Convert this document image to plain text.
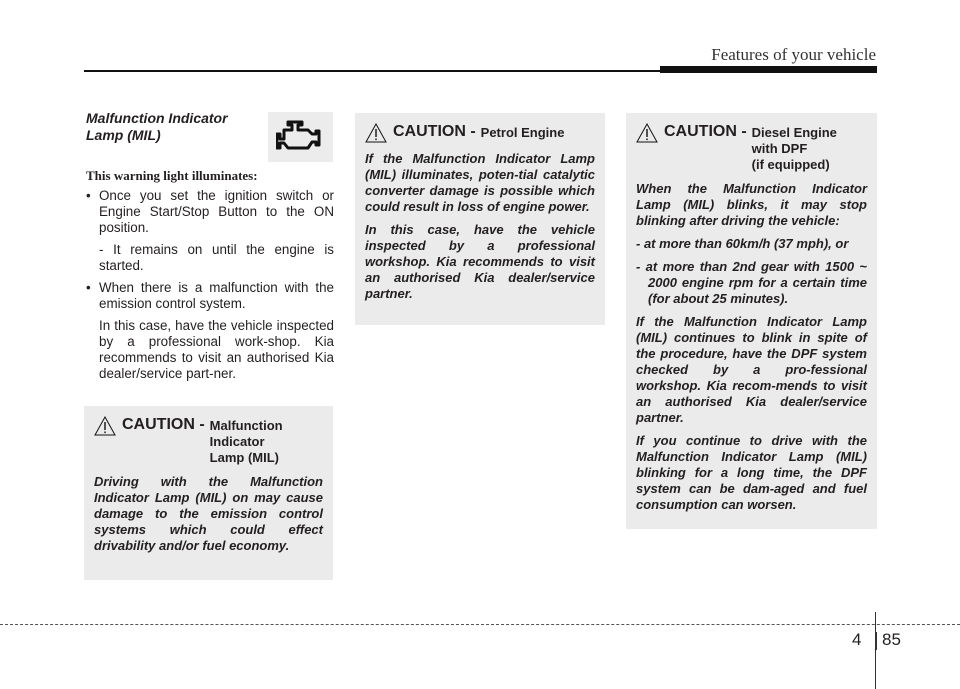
Features of your vehicle
Malfunction Indicator Lamp (MIL)
This warning light illuminates:

• Once you set the ignition switch or Engine Start/Stop Button to the ON position.

- It remains on until the engine is started.

• When there is a malfunction with the emission control system.

In this case, have the vehicle inspected by a professional work-shop. Kia recommends to visit an authorised Kia dealer/service part-ner.

CAUTION - Malfunction
Indicator
Lamp (MIL)

Driving with the Malfunction Indicator Lamp (MIL) on may cause damage to the emission control systems which could effect drivability and/or fuel economy.

CAUTION - Petrol Engine

If the Malfunction Indicator Lamp (MIL) illuminates, poten-tial catalytic converter damage is possible which could result in loss of engine power.

In this case, have the vehicle inspected by a professional workshop. Kia recommends to visit an authorised Kia dealer/service partner.

CAUTION - Diesel Engine
with DPF
(if equipped)

When the Malfunction Indicator Lamp (MIL) blinks, it may stop blinking after driving the vehicle:

- at more than 60km/h (37 mph), or

- at more than 2nd gear with 1500 ~ 2000 engine rpm for a certain time (for about 25 minutes).

If the Malfunction Indicator Lamp (MIL) continues to blink in spite of the procedure, have the DPF system checked by a pro-fessional workshop. Kia recom-mends to visit an authorised Kia dealer/service partner.

If you continue to drive with the Malfunction Indicator Lamp (MIL) blinking for a long time, the DPF system can be dam-aged and fuel consumption can worsen.

4 85
